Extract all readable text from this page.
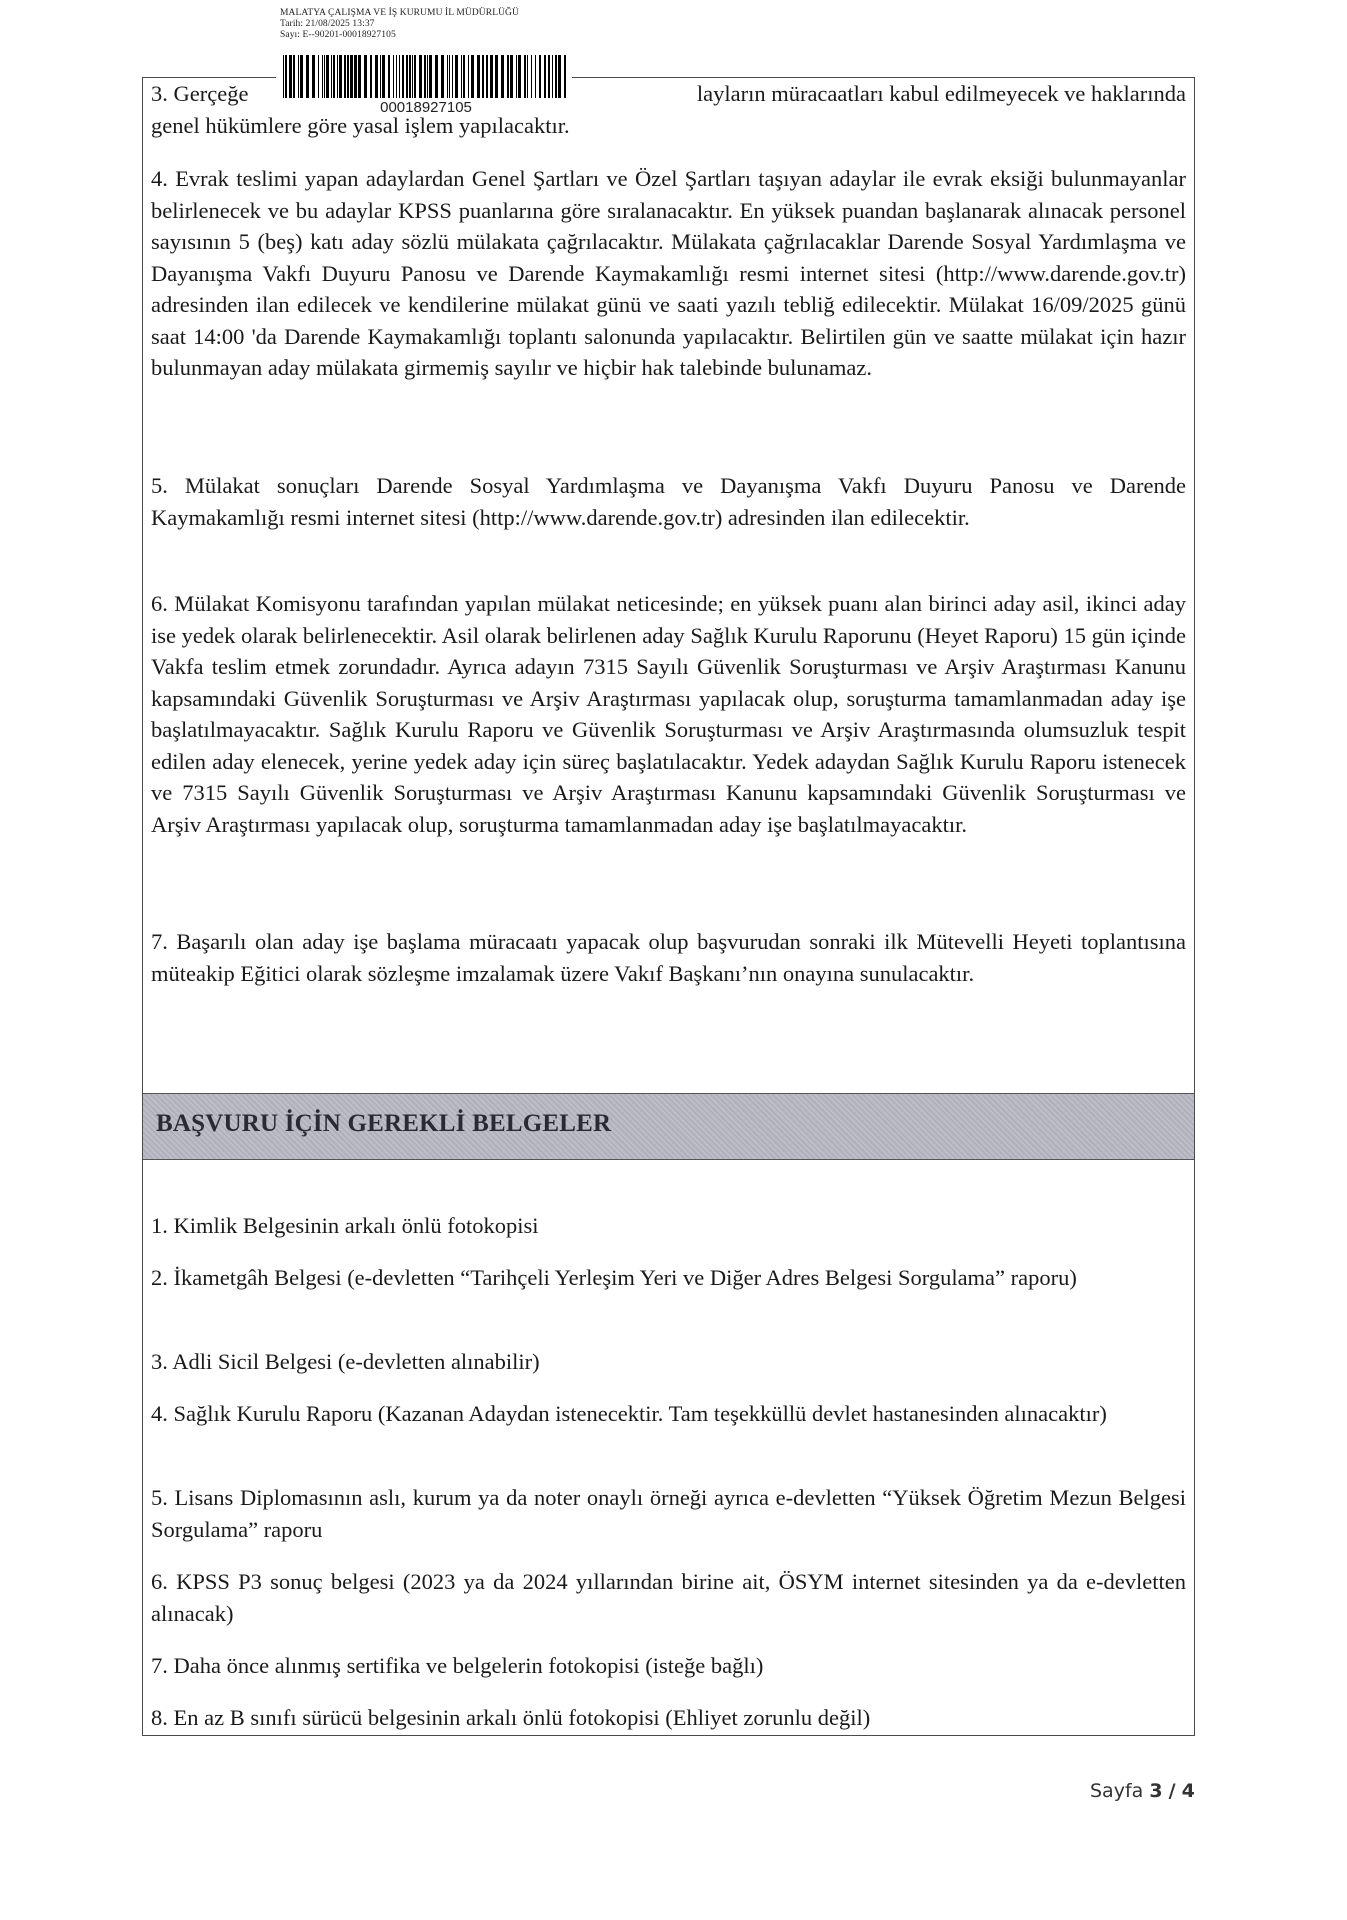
MALATYA ÇALIŞMA VE İŞ KURUMU İL MÜDÜRLÜĞÜ
Tarih: 21/08/2025 13:37
Sayı: E--90201-00018927105
00018927105
3. Gerçeğe	layların müracaatları kabul edilmeyecek ve haklarında

genel hükümlere göre yasal işlem yapılacaktır.

4. Evrak teslimi yapan adaylardan Genel Şartları ve Özel Şartları taşıyan adaylar ile evrak eksiği bulunmayanlar belirlenecek ve bu adaylar KPSS puanlarına göre sıralanacaktır. En yüksek puandan başlanarak alınacak personel sayısının 5 (beş) katı aday sözlü mülakata çağrılacaktır. Mülakata çağrılacaklar Darende Sosyal Yardımlaşma ve Dayanışma Vakfı Duyuru Panosu ve Darende Kaymakamlığı resmi internet sitesi (http://www.darende.gov.tr) adresinden ilan edilecek ve kendilerine mülakat günü ve saati yazılı tebliğ edilecektir. Mülakat 16/09/2025 günü saat 14:00 'da Darende Kaymakamlığı toplantı salonunda yapılacaktır. Belirtilen gün ve saatte mülakat için hazır bulunmayan aday mülakata girmemiş sayılır ve hiçbir hak talebinde bulunamaz.

5. Mülakat sonuçları Darende Sosyal Yardımlaşma ve Dayanışma Vakfı Duyuru Panosu ve Darende Kaymakamlığı resmi internet sitesi (http://www.darende.gov.tr) adresinden ilan edilecektir.

6. Mülakat Komisyonu tarafından yapılan mülakat neticesinde; en yüksek puanı alan birinci aday asil, ikinci aday ise yedek olarak belirlenecektir. Asil olarak belirlenen aday Sağlık Kurulu Raporunu (Heyet Raporu) 15 gün içinde Vakfa teslim etmek zorundadır. Ayrıca adayın 7315 Sayılı Güvenlik Soruşturması ve Arşiv Araştırması Kanunu kapsamındaki Güvenlik Soruşturması ve Arşiv Araştırması yapılacak olup, soruşturma tamamlanmadan aday işe başlatılmayacaktır. Sağlık Kurulu Raporu ve Güvenlik Soruşturması ve Arşiv Araştırmasında olumsuzluk tespit edilen aday elenecek, yerine yedek aday için süreç başlatılacaktır. Yedek adaydan Sağlık Kurulu Raporu istenecek ve 7315 Sayılı Güvenlik Soruşturması ve Arşiv Araştırması Kanunu kapsamındaki Güvenlik Soruşturması ve Arşiv Araştırması yapılacak olup, soruşturma tamamlanmadan aday işe başlatılmayacaktır.

7. Başarılı olan aday işe başlama müracaatı yapacak olup başvurudan sonraki ilk Mütevelli Heyeti toplantısına müteakip Eğitici olarak sözleşme imzalamak üzere Vakıf Başkanı’nın onayına sunulacaktır.

BAŞVURU İÇİN GEREKLİ BELGELER

1. Kimlik Belgesinin arkalı önlü fotokopisi

2. İkametgâh Belgesi (e-devletten “Tarihçeli Yerleşim Yeri ve Diğer Adres Belgesi Sorgulama” raporu)

3. Adli Sicil Belgesi (e-devletten alınabilir)

4. Sağlık Kurulu Raporu (Kazanan Adaydan istenecektir. Tam teşekküllü devlet hastanesinden alınacaktır)

5. Lisans Diplomasının aslı, kurum ya da noter onaylı örneği ayrıca e-devletten “Yüksek Öğretim Mezun Belgesi Sorgulama” raporu

6. KPSS P3 sonuç belgesi (2023 ya da 2024 yıllarından birine ait, ÖSYM internet sitesinden ya da e-devletten alınacak)

7. Daha önce alınmış sertifika ve belgelerin fotokopisi (isteğe bağlı)

8. En az B sınıfı sürücü belgesinin arkalı önlü fotokopisi (Ehliyet zorunlu değil)

Sayfa 3 / 4
